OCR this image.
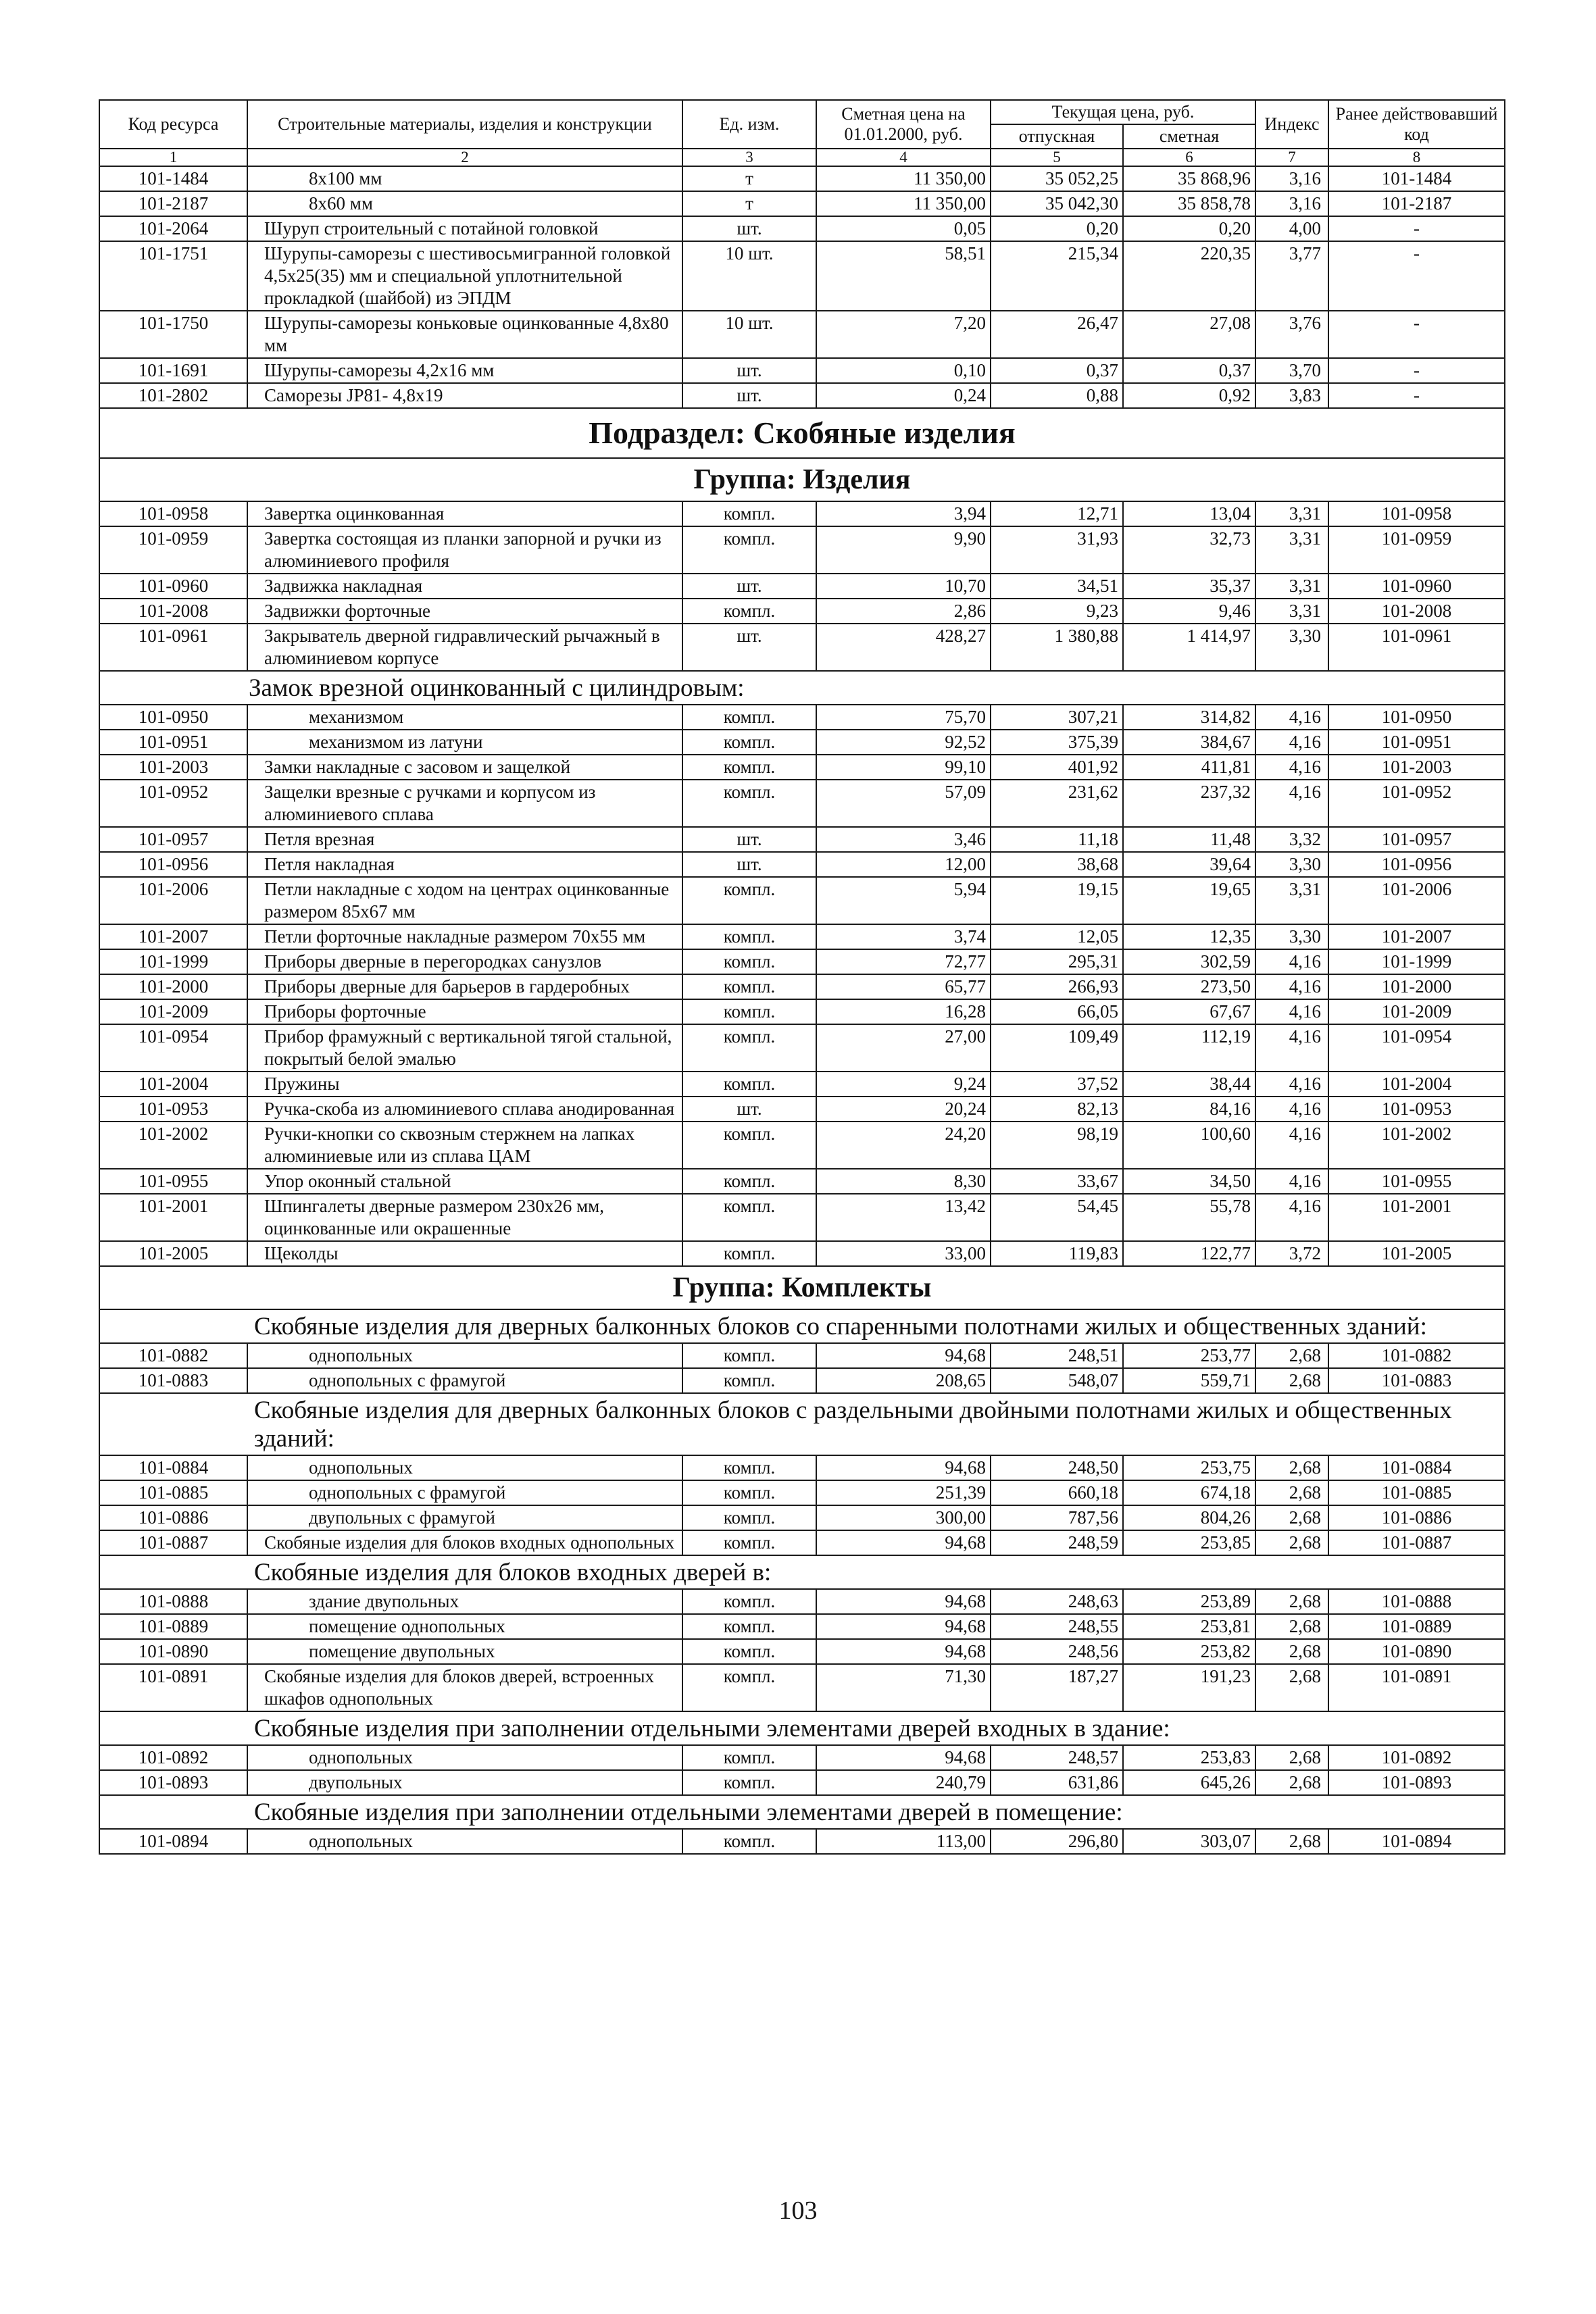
Код ресурса	Строительные материалы, изделия и конструкции	Ед. изм.	Сметная цена на 01.01.2000, руб.	Текущая цена, руб.		Индекс	Ранее действовавший код
				отпускная	сметная		
1	2	3	4	5	6	7	8
101-1484	8х100 мм	т	11 350,00	35 052,25	35 868,96	3,16	101-1484
101-2187	8х60 мм	т	11 350,00	35 042,30	35 858,78	3,16	101-2187
101-2064	Шуруп строительный с потайной головкой	шт.	0,05	0,20	0,20	4,00	-
101-1751	Шурупы-саморезы с шестивосьмигранной головкой 4,5х25(35) мм и специальной уплотнительной прокладкой (шайбой) из ЭПДМ	10 шт.	58,51	215,34	220,35	3,77	-
101-1750	Шурупы-саморезы коньковые оцинкованные 4,8х80 мм	10 шт.	7,20	26,47	27,08	3,76	-
101-1691	Шурупы-саморезы 4,2х16 мм	шт.	0,10	0,37	0,37	3,70	-
101-2802	Саморезы JP81- 4,8х19	шт.	0,24	0,88	0,92	3,83	-
Подраздел: Скобяные изделия							
Группа: Изделия							
101-0958	Завертка оцинкованная	компл.	3,94	12,71	13,04	3,31	101-0958
101-0959	Завертка состоящая из планки запорной и ручки из алюминиевого профиля	компл.	9,90	31,93	32,73	3,31	101-0959
101-0960	Задвижка накладная	шт.	10,70	34,51	35,37	3,31	101-0960
101-2008	Задвижки форточные	компл.	2,86	9,23	9,46	3,31	101-2008
101-0961	Закрыватель дверной гидравлический рычажный в алюминиевом корпусе	шт.	428,27	1 380,88	1 414,97	3,30	101-0961
Замок врезной оцинкованный с цилиндровым:							
101-0950	механизмом	компл.	75,70	307,21	314,82	4,16	101-0950
101-0951	механизмом из латуни	компл.	92,52	375,39	384,67	4,16	101-0951
101-2003	Замки накладные с засовом и защелкой	компл.	99,10	401,92	411,81	4,16	101-2003
101-0952	Защелки врезные с ручками и корпусом из алюминиевого сплава	компл.	57,09	231,62	237,32	4,16	101-0952
101-0957	Петля врезная	шт.	3,46	11,18	11,48	3,32	101-0957
101-0956	Петля накладная	шт.	12,00	38,68	39,64	3,30	101-0956
101-2006	Петли накладные с ходом на центрах оцинкованные размером 85х67 мм	компл.	5,94	19,15	19,65	3,31	101-2006
101-2007	Петли форточные накладные размером 70х55 мм	компл.	3,74	12,05	12,35	3,30	101-2007
101-1999	Приборы дверные в перегородках санузлов	компл.	72,77	295,31	302,59	4,16	101-1999
101-2000	Приборы дверные для барьеров в гардеробных	компл.	65,77	266,93	273,50	4,16	101-2000
101-2009	Приборы форточные	компл.	16,28	66,05	67,67	4,16	101-2009
101-0954	Прибор фрамужный с вертикальной тягой стальной, покрытый белой эмалью	компл.	27,00	109,49	112,19	4,16	101-0954
101-2004	Пружины	компл.	9,24	37,52	38,44	4,16	101-2004
101-0953	Ручка-скоба из алюминиевого сплава анодированная	шт.	20,24	82,13	84,16	4,16	101-0953
101-2002	Ручки-кнопки со сквозным стержнем на лапках алюминиевые или из сплава ЦАМ	компл.	24,20	98,19	100,60	4,16	101-2002
101-0955	Упор оконный стальной	компл.	8,30	33,67	34,50	4,16	101-0955
101-2001	Шпингалеты дверные размером 230х26 мм, оцинкованные или окрашенные	компл.	13,42	54,45	55,78	4,16	101-2001
101-2005	Щеколды	компл.	33,00	119,83	122,77	3,72	101-2005
Группа: Комплекты							
Скобяные изделия для дверных балконных блоков со спаренными полотнами жилых и общественных зданий:							
101-0882	однопольных	компл.	94,68	248,51	253,77	2,68	101-0882
101-0883	однопольных с фрамугой	компл.	208,65	548,07	559,71	2,68	101-0883
Скобяные изделия для дверных балконных блоков с раздельными двойными полотнами жилых и общественных зданий:							
101-0884	однопольных	компл.	94,68	248,50	253,75	2,68	101-0884
101-0885	однопольных с фрамугой	компл.	251,39	660,18	674,18	2,68	101-0885
101-0886	двупольных с фрамугой	компл.	300,00	787,56	804,26	2,68	101-0886
101-0887	Скобяные изделия для блоков входных однопольных	компл.	94,68	248,59	253,85	2,68	101-0887
Скобяные изделия для блоков входных дверей в:							
101-0888	здание двупольных	компл.	94,68	248,63	253,89	2,68	101-0888
101-0889	помещение однопольных	компл.	94,68	248,55	253,81	2,68	101-0889
101-0890	помещение двупольных	компл.	94,68	248,56	253,82	2,68	101-0890
101-0891	Скобяные изделия для блоков дверей, встроенных шкафов однопольных	компл.	71,30	187,27	191,23	2,68	101-0891
Скобяные изделия при заполнении отдельными элементами дверей входных в здание:							
101-0892	однопольных	компл.	94,68	248,57	253,83	2,68	101-0892
101-0893	двупольных	компл.	240,79	631,86	645,26	2,68	101-0893
Скобяные изделия при заполнении отдельными элементами дверей в помещение:							
101-0894	однопольных	компл.	113,00	296,80	303,07	2,68	101-0894
103
